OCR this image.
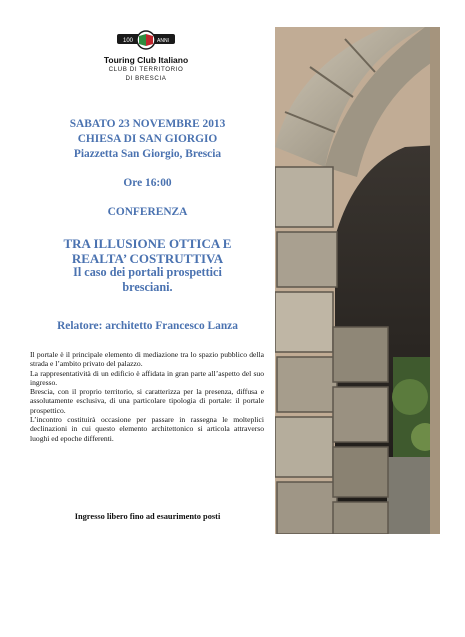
100	ANNI
Touring Club Italiano
CLUB DI TERRITORIO
DI BRESCIA
SABATO 23 NOVEMBRE 2013
CHIESA DI SAN GIORGIO
Piazzetta San Giorgio, Brescia
Ore 16:00
CONFERENZA
TRA ILLUSIONE OTTICA E
REALTA’ COSTRUTTIVA
Il caso dei portali prospettici
bresciani.
Relatore: architetto Francesco Lanza

Il portale è il principale elemento di mediazione tra lo spazio pubblico della strada e l’ambito privato del palazzo.

La rappresentatività di un edificio è affidata in gran parte all’aspetto del suo ingresso.

Brescia, con il proprio territorio, si caratterizza per la presenza, diffusa e assolutamente esclusiva, di una particolare tipologia di portale: il portale prospettico.

L’incontro costituirà occasione per passare in rassegna le molteplici declinazioni in cui questo elemento architettonico si articola attraverso luoghi ed epoche differenti.

Ingresso libero fino ad esaurimento posti
